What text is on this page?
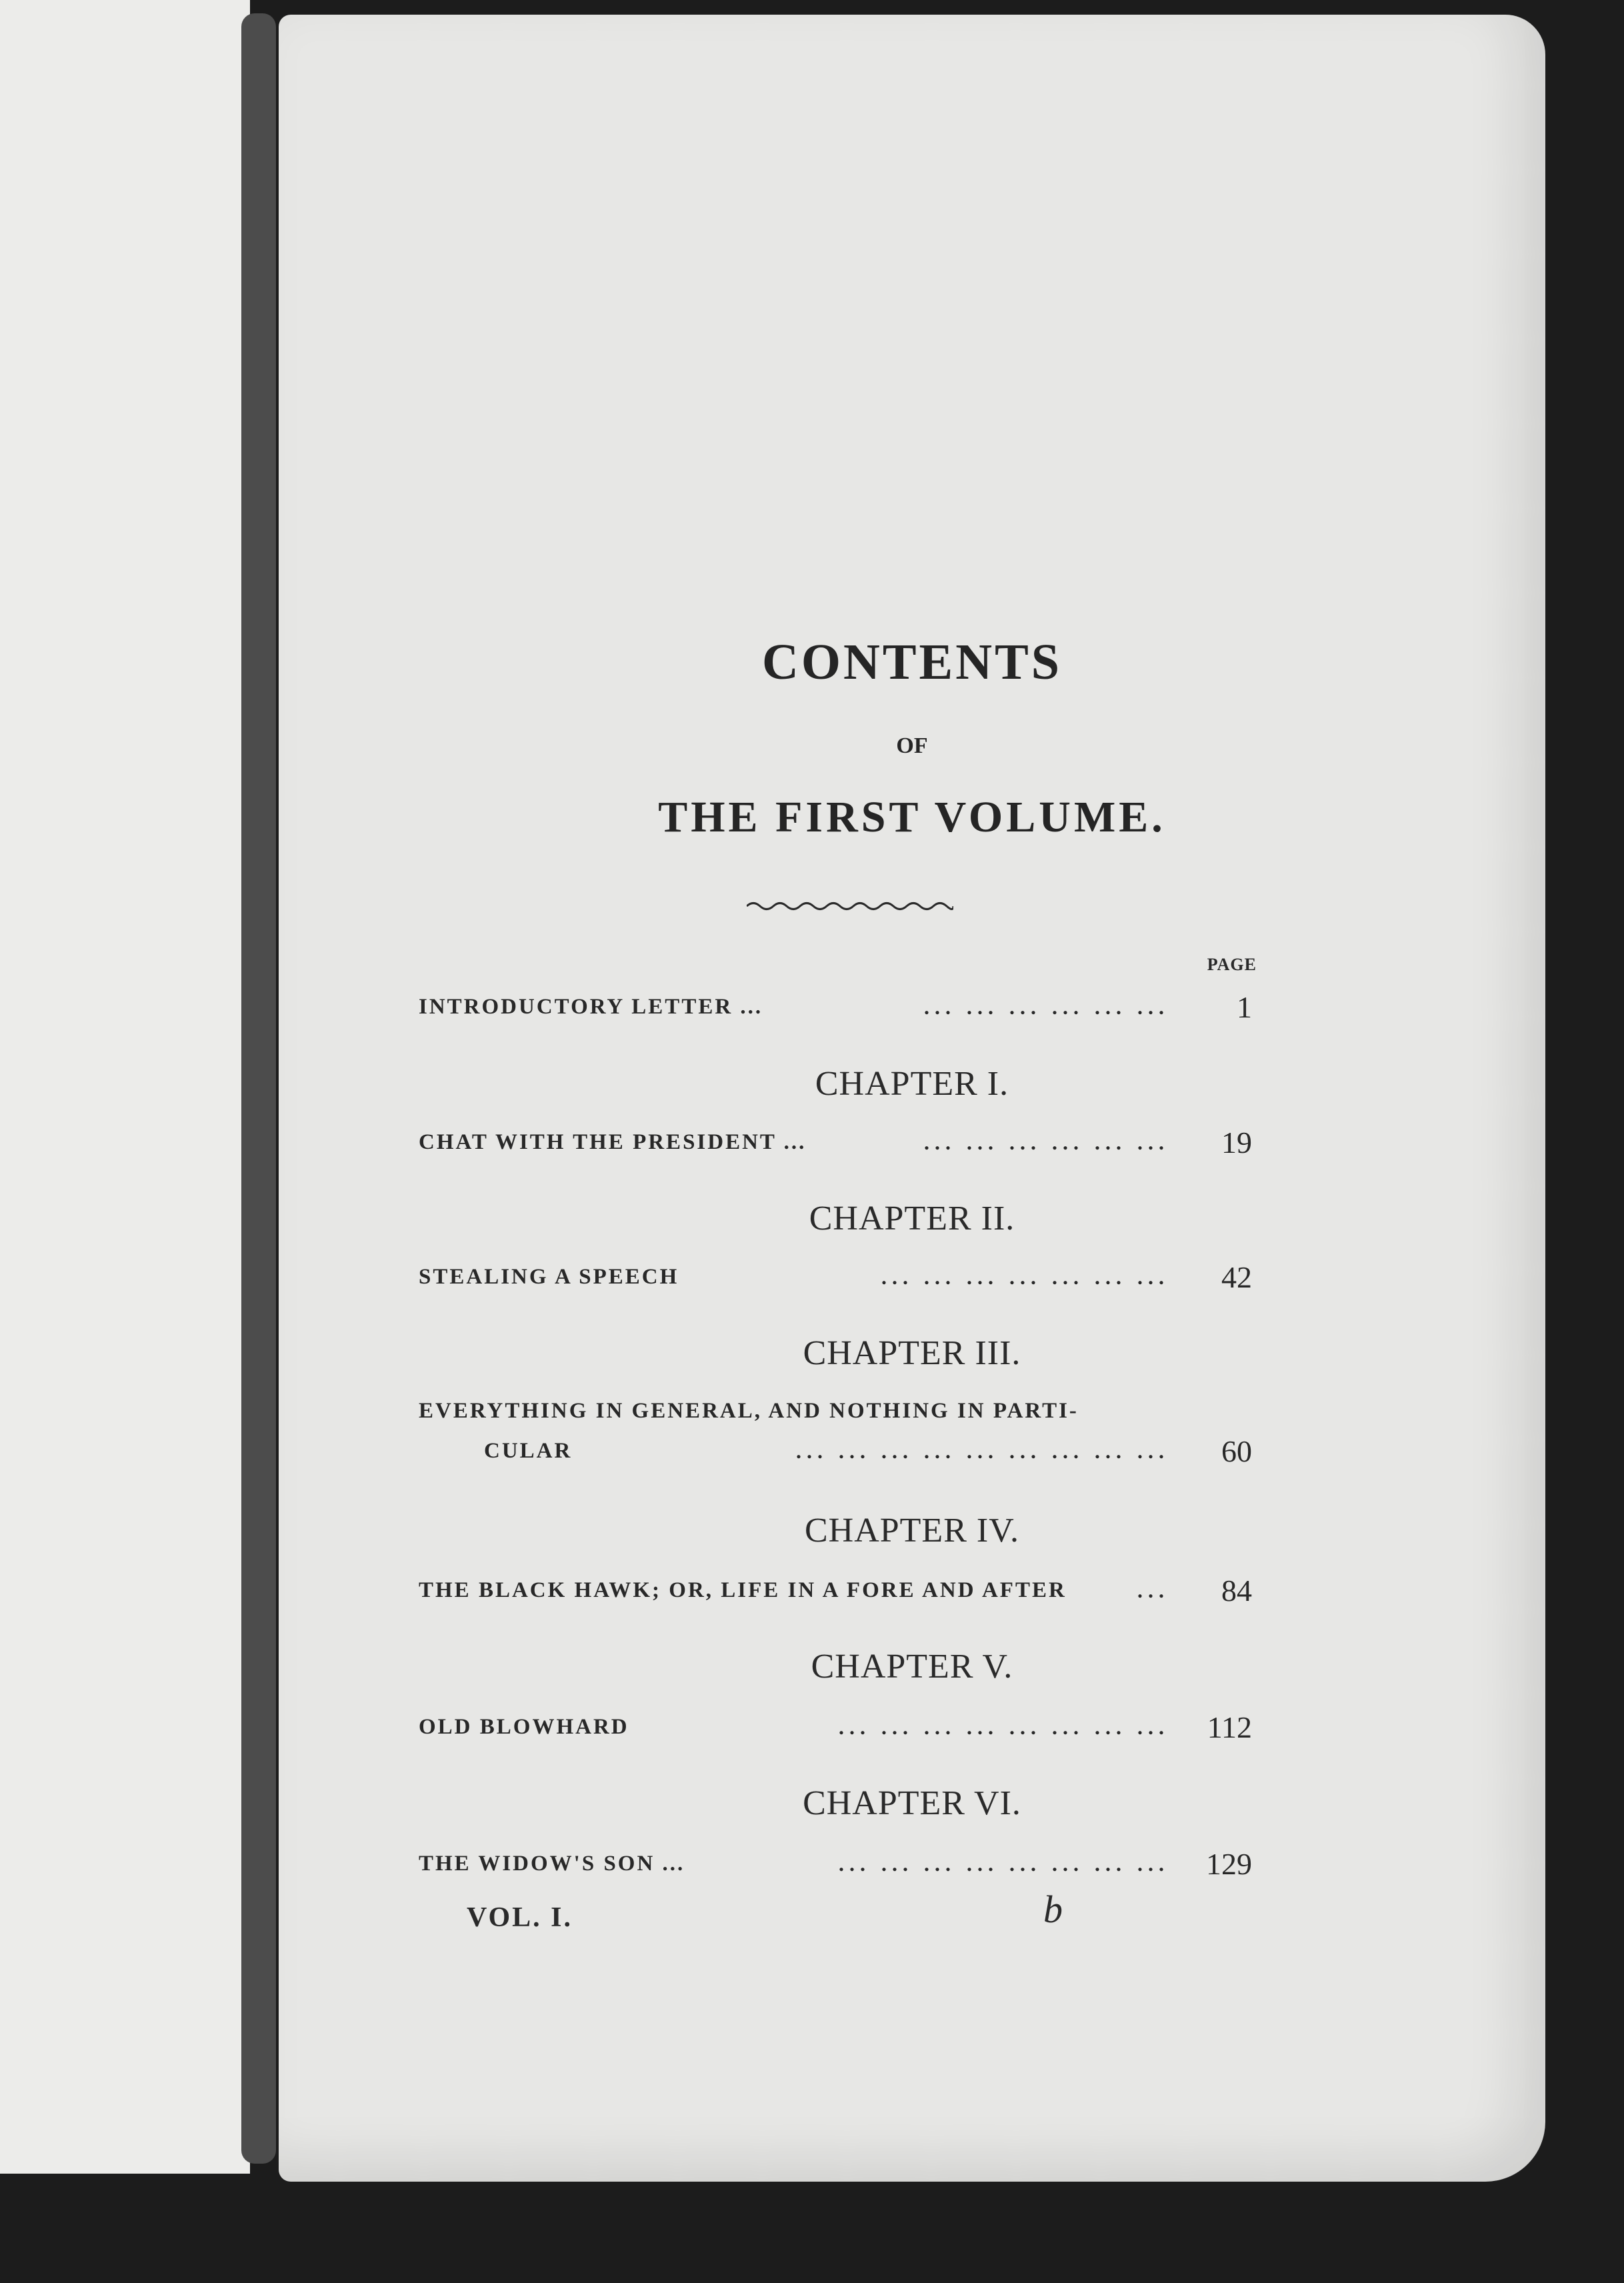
CONTENTS
OF
THE FIRST VOLUME.
PAGE
INTRODUCTORY LETTER ...	... ... ... ... ... ...	1
CHAPTER I.
CHAT WITH THE PRESIDENT ...	... ... ... ... ... ...	19
CHAPTER II.
STEALING A SPEECH	... ... ... ... ... ... ...	42
CHAPTER III.
EVERYTHING IN GENERAL, AND NOTHING IN PARTI-
CULAR	... ... ... ... ... ... ... ... ...	60
CHAPTER IV.
THE BLACK HAWK; OR, LIFE IN A FORE AND AFTER	...	84
CHAPTER V.
OLD BLOWHARD	... ... ... ... ... ... ... ...	112
CHAPTER VI.
THE WIDOW'S SON ...	... ... ... ... ... ... ... ...	129
VOL. I.	b
